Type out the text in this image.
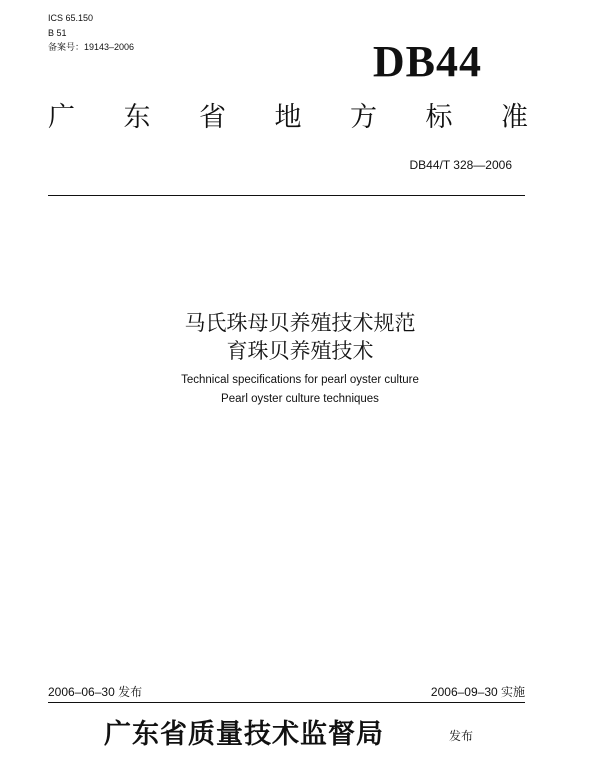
ICS 65.150
B 51
备案号：19143–2006	DB44
广 东 省 地 方 标 准
DB44/T 328—2006
马氏珠母贝养殖技术规范
育珠贝养殖技术
Technical specifications for pearl oyster culture
Pearl oyster culture techniques
2006–06–30 发布	2006–09–30 实施
广东省质量技术监督局	发布
